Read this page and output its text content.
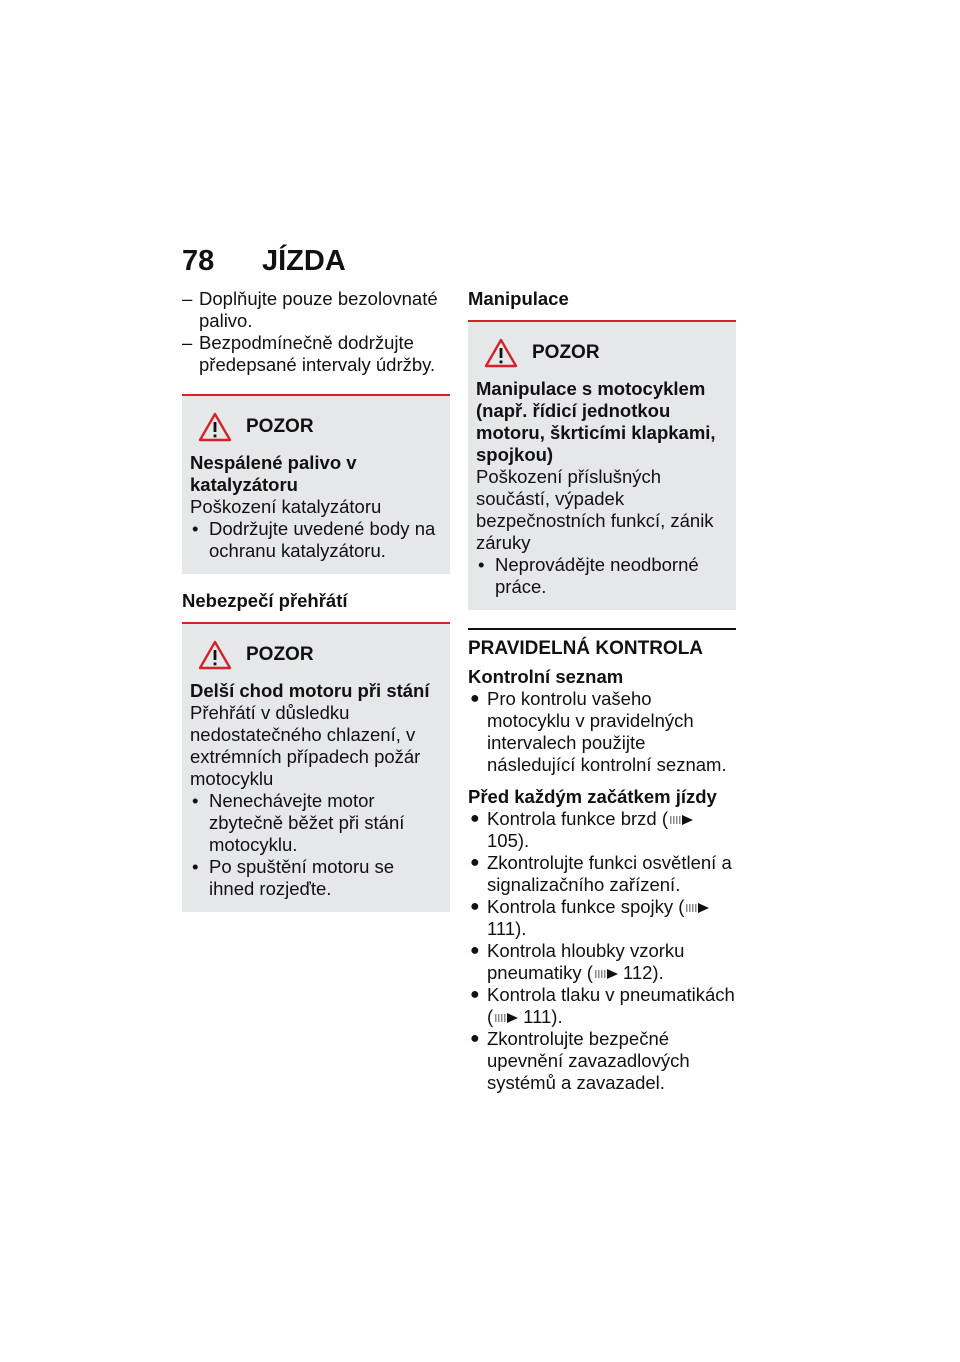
78 JÍZDA
– Doplňujte pouze bezolovnaté palivo.
– Bezpodmínečně dodržujte předepsané intervaly údržby.
POZOR
Nespálené palivo v katalyzátoru

Poškození katalyzátoru

• Dodržujte uvedené body na ochranu katalyzátoru.
Nebezpečí přehřátí
POZOR
Delší chod motoru při stání

Přehřátí v důsledku nedostatečného chlazení, v extrémních případech požár motocyklu

• Nenechávejte motor zbytečně běžet při stání motocyklu.
• Po spuštění motoru se ihned rozjeďte.
Manipulace
POZOR
Manipulace s motocyklem (např. řídicí jednotkou motoru, škrticími klapkami, spojkou)

Poškození příslušných součástí, výpadek bezpečnostních funkcí, zánik záruky

• Neprovádějte neodborné práce.
PRAVIDELNÁ KONTROLA
Kontrolní seznam
● Pro kontrolu vašeho motocyklu v pravidelných intervalech použijte následující kontrolní seznam.
Před každým začátkem jízdy
● Kontrola funkce brzd (
105).
● Zkontrolujte funkci osvětlení a signalizačního zařízení.
● Kontrola funkce spojky (
111).
● Kontrola hloubky vzorku pneumatiky ( 112).
● Kontrola tlaku v pneumatikách ( 111).
● Zkontrolujte bezpečné upevnění zavazadlových systémů a zavazadel.
